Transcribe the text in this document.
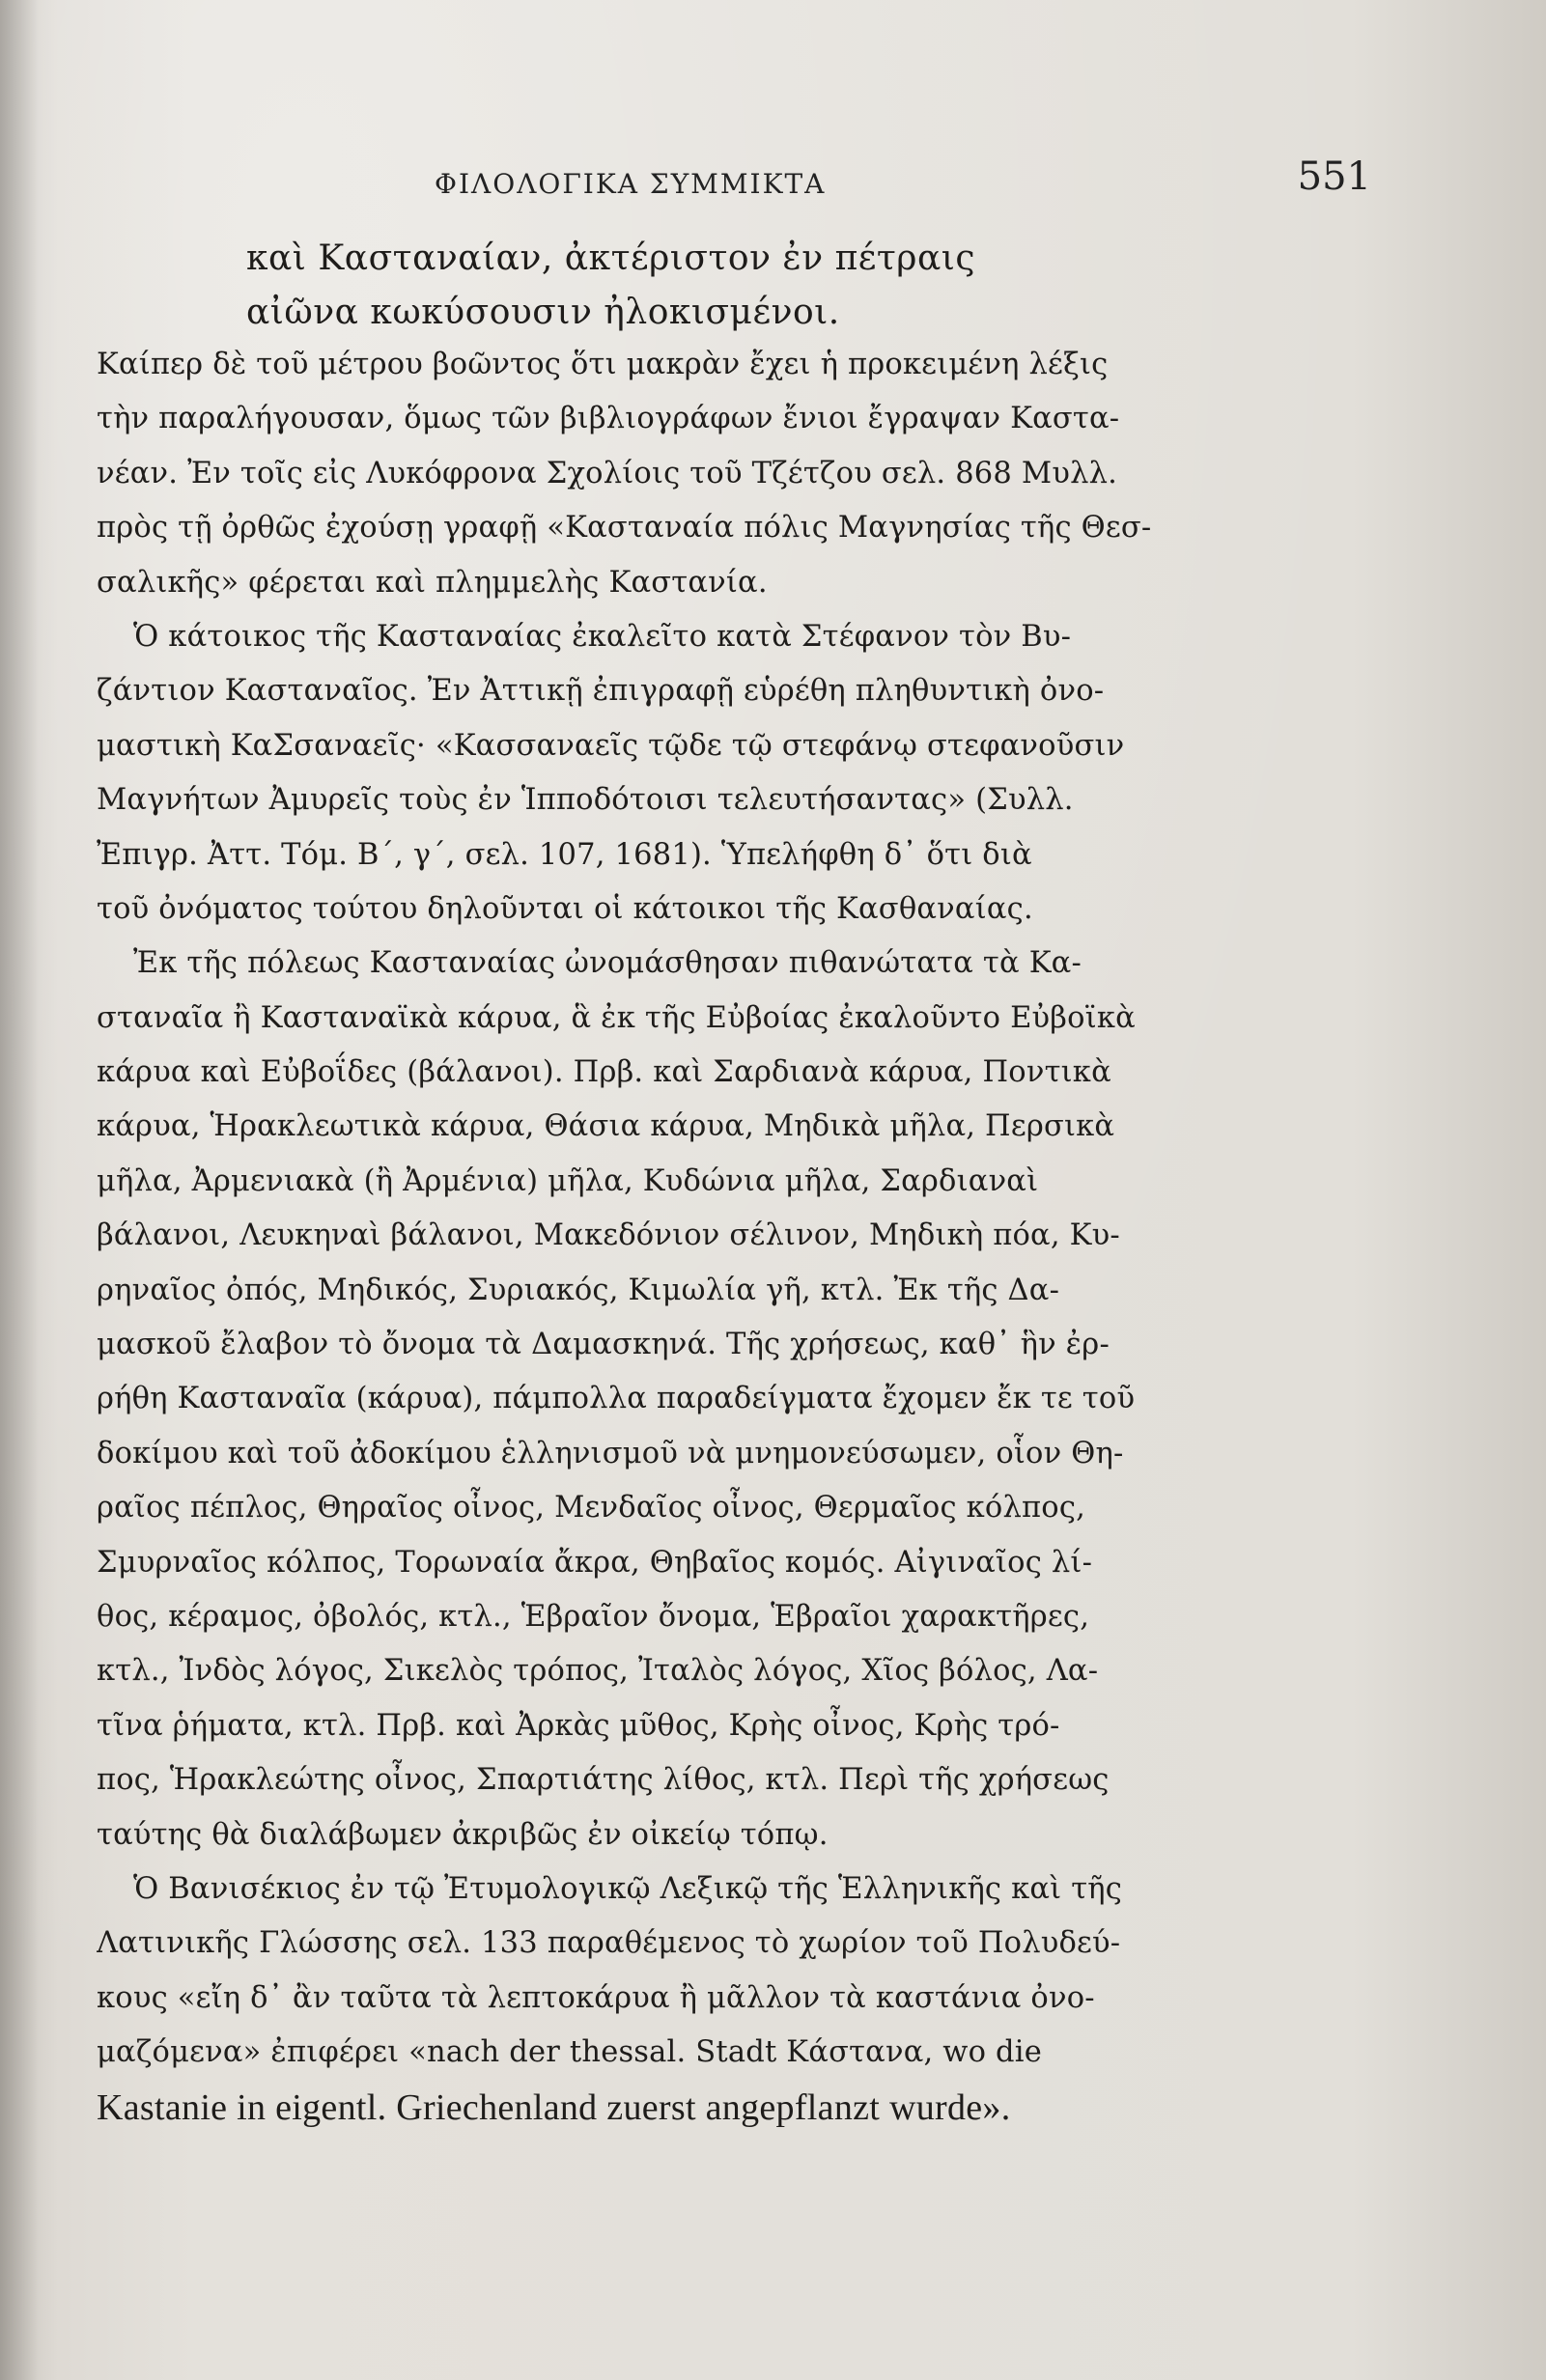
ΦΙΛΟΛΟΓΙΚΑ ΣΥΜΜΙΚΤΑ	551
καὶ Κασταναίαν, ἀκτέριστον ἐν πέτραις
αἰῶνα κωκύσουσιν ἠλοκισμένοι.
Καίπερ δὲ τοῦ μέτρου βοῶντος ὅτι μακρὰν ἔχει ἡ προκειμένη λέξις
τὴν παραλήγουσαν, ὅμως τῶν βιβλιογράφων ἔνιοι ἔγραψαν Καστα-
νέαν. Ἐν τοῖς εἰς Λυκόφρονα Σχολίοις τοῦ Τζέτζου σελ. 868 Μυλλ.
πρὸς τῇ ὀρθῶς ἐχούσῃ γραφῇ «Κασταναία πόλις Μαγνησίας τῆς Θεσ-
σαλικῆς» φέρεται καὶ πλημμελὴς Καστανία.
Ὁ κάτοικος τῆς Κασταναίας ἐκαλεῖτο κατὰ Στέφανον τὸν Βυ-
ζάντιον Κασταναῖος. Ἐν Ἀττικῇ ἐπιγραφῇ εὑρέθη πληθυντικὴ ὀνο-
μαστικὴ ΚαΣσαναεῖς· «Κασσαναεῖς τῷδε τῷ στεφάνῳ στεφανοῦσιν
Μαγνήτων Ἀμυρεῖς τοὺς ἐν Ἱπποδότοισι τελευτήσαντας» (Συλλ.
Ἐπιγρ. Ἀττ. Τόμ. Β΄, γ΄, σελ. 107, 1681). Ὑπελήφθη δ᾽ ὅτι διὰ
τοῦ ὀνόματος τούτου δηλοῦνται οἱ κάτοικοι τῆς Κασθαναίας.
Ἐκ τῆς πόλεως Κασταναίας ὠνομάσθησαν πιθανώτατα τὰ Κα-
σταναῖα ἢ Κασταναϊκὰ κάρυα, ἃ ἐκ τῆς Εὐβοίας ἐκαλοῦντο Εὐβοϊκὰ
κάρυα καὶ Εὐβοΐδες (βάλανοι). Πρβ. καὶ Σαρδιανὰ κάρυα, Ποντικὰ
κάρυα, Ἡρακλεωτικὰ κάρυα, Θάσια κάρυα, Μηδικὰ μῆλα, Περσικὰ
μῆλα, Ἀρμενιακὰ (ἢ Ἀρμένια) μῆλα, Κυδώνια μῆλα, Σαρδιαναὶ
βάλανοι, Λευκηναὶ βάλανοι, Μακεδόνιον σέλινον, Μηδικὴ πόα, Κυ-
ρηναῖος ὀπός, Μηδικός, Συριακός, Κιμωλία γῆ, κτλ. Ἐκ τῆς Δα-
μασκοῦ ἔλαβον τὸ ὄνομα τὰ Δαμασκηνά. Τῆς χρήσεως, καθ᾽ ἣν ἐρ-
ρήθη Κασταναῖα (κάρυα), πάμπολλα παραδείγματα ἔχομεν ἔκ τε τοῦ
δοκίμου καὶ τοῦ ἀδοκίμου ἑλληνισμοῦ νὰ μνημονεύσωμεν, οἷον Θη-
ραῖος πέπλος, Θηραῖος οἶνος, Μενδαῖος οἶνος, Θερμαῖος κόλπος,
Σμυρναῖος κόλπος, Τορωναία ἄκρα, Θηβαῖος κομός. Αἰγιναῖος λί-
θος, κέραμος, ὀβολός, κτλ., Ἑβραῖον ὄνομα, Ἑβραῖοι χαρακτῆρες,
κτλ., Ἰνδὸς λόγος, Σικελὸς τρόπος, Ἰταλὸς λόγος, Χῖος βόλος, Λα-
τῖνα ῥήματα, κτλ. Πρβ. καὶ Ἀρκὰς μῦθος, Κρὴς οἶνος, Κρὴς τρό-
πος, Ἡρακλεώτης οἶνος, Σπαρτιάτης λίθος, κτλ. Περὶ τῆς χρήσεως
ταύτης θὰ διαλάβωμεν ἀκριβῶς ἐν οἰκείῳ τόπῳ.
Ὁ Βανισέκιος ἐν τῷ Ἐτυμολογικῷ Λεξικῷ τῆς Ἑλληνικῆς καὶ τῆς
Λατινικῆς Γλώσσης σελ. 133 παραθέμενος τὸ χωρίον τοῦ Πολυδεύ-
κους «εἴη δ᾽ ἂν ταῦτα τὰ λεπτοκάρυα ἢ μᾶλλον τὰ καστάνια ὀνο-
μαζόμενα» ἐπιφέρει «nach der thessal. Stadt Κάστανα, wo die
Kastanie in eigentl. Griechenland zuerst angepflanzt wurde».
